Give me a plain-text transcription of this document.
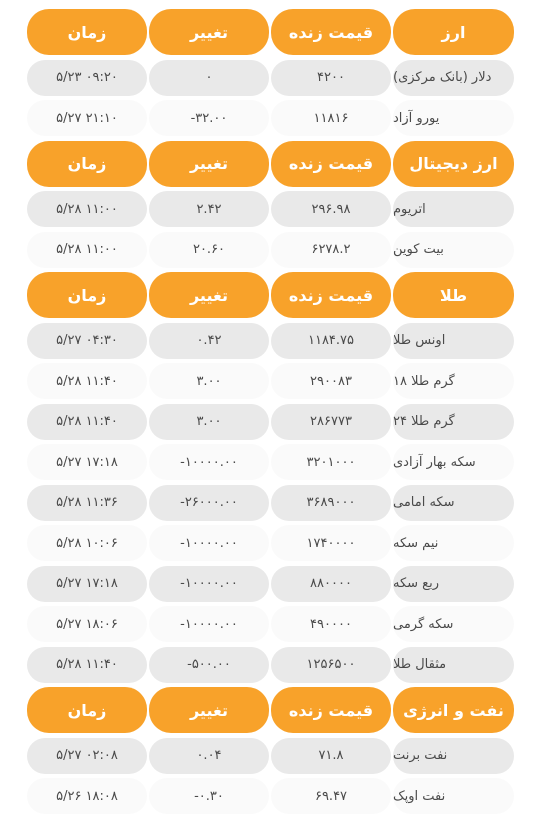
ارز
قیمت زنده
تغییر
زمان
دلار (بانک مرکزی)
۴۲۰۰
۰
۵/۲۳ ۰۹:۲۰
یورو آزاد
۱۱۸۱۶
-۳۲.۰۰
۵/۲۷ ۲۱:۱۰
ارز دیجیتال
قیمت زنده
تغییر
زمان
اتریوم
۲۹۶.۹۸
۲.۴۲
۵/۲۸ ۱۱:۰۰
بیت کوین
۶۲۷۸.۲
۲۰.۶۰
۵/۲۸ ۱۱:۰۰
طلا
قیمت زنده
تغییر
زمان
اونس طلا
۱۱۸۴.۷۵
۰.۴۲
۵/۲۷ ۰۴:۳۰
گرم طلا ۱۸
۲۹۰۰۸۳
۳.۰۰
۵/۲۸ ۱۱:۴۰
گرم طلا ۲۴
۲۸۶۷۷۳
۳.۰۰
۵/۲۸ ۱۱:۴۰
سکه بهار آزادی
۳۲۰۱۰۰۰
-۱۰۰۰۰.۰۰
۵/۲۷ ۱۷:۱۸
سکه امامی
۳۶۸۹۰۰۰
-۲۶۰۰۰.۰۰
۵/۲۸ ۱۱:۳۶
نیم سکه
۱۷۴۰۰۰۰
-۱۰۰۰۰.۰۰
۵/۲۸ ۱۰:۰۶
ربع سکه
۸۸۰۰۰۰
-۱۰۰۰۰.۰۰
۵/۲۷ ۱۷:۱۸
سکه گرمی
۴۹۰۰۰۰
-۱۰۰۰۰.۰۰
۵/۲۷ ۱۸:۰۶
مثقال طلا
۱۲۵۶۵۰۰
-۵۰۰.۰۰
۵/۲۸ ۱۱:۴۰
نفت و انرژی
قیمت زنده
تغییر
زمان
نفت برنت
۷۱.۸
۰.۰۴
۵/۲۷ ۰۲:۰۸
نفت اوپک
۶۹.۴۷
-۰.۳۰
۵/۲۶ ۱۸:۰۸
